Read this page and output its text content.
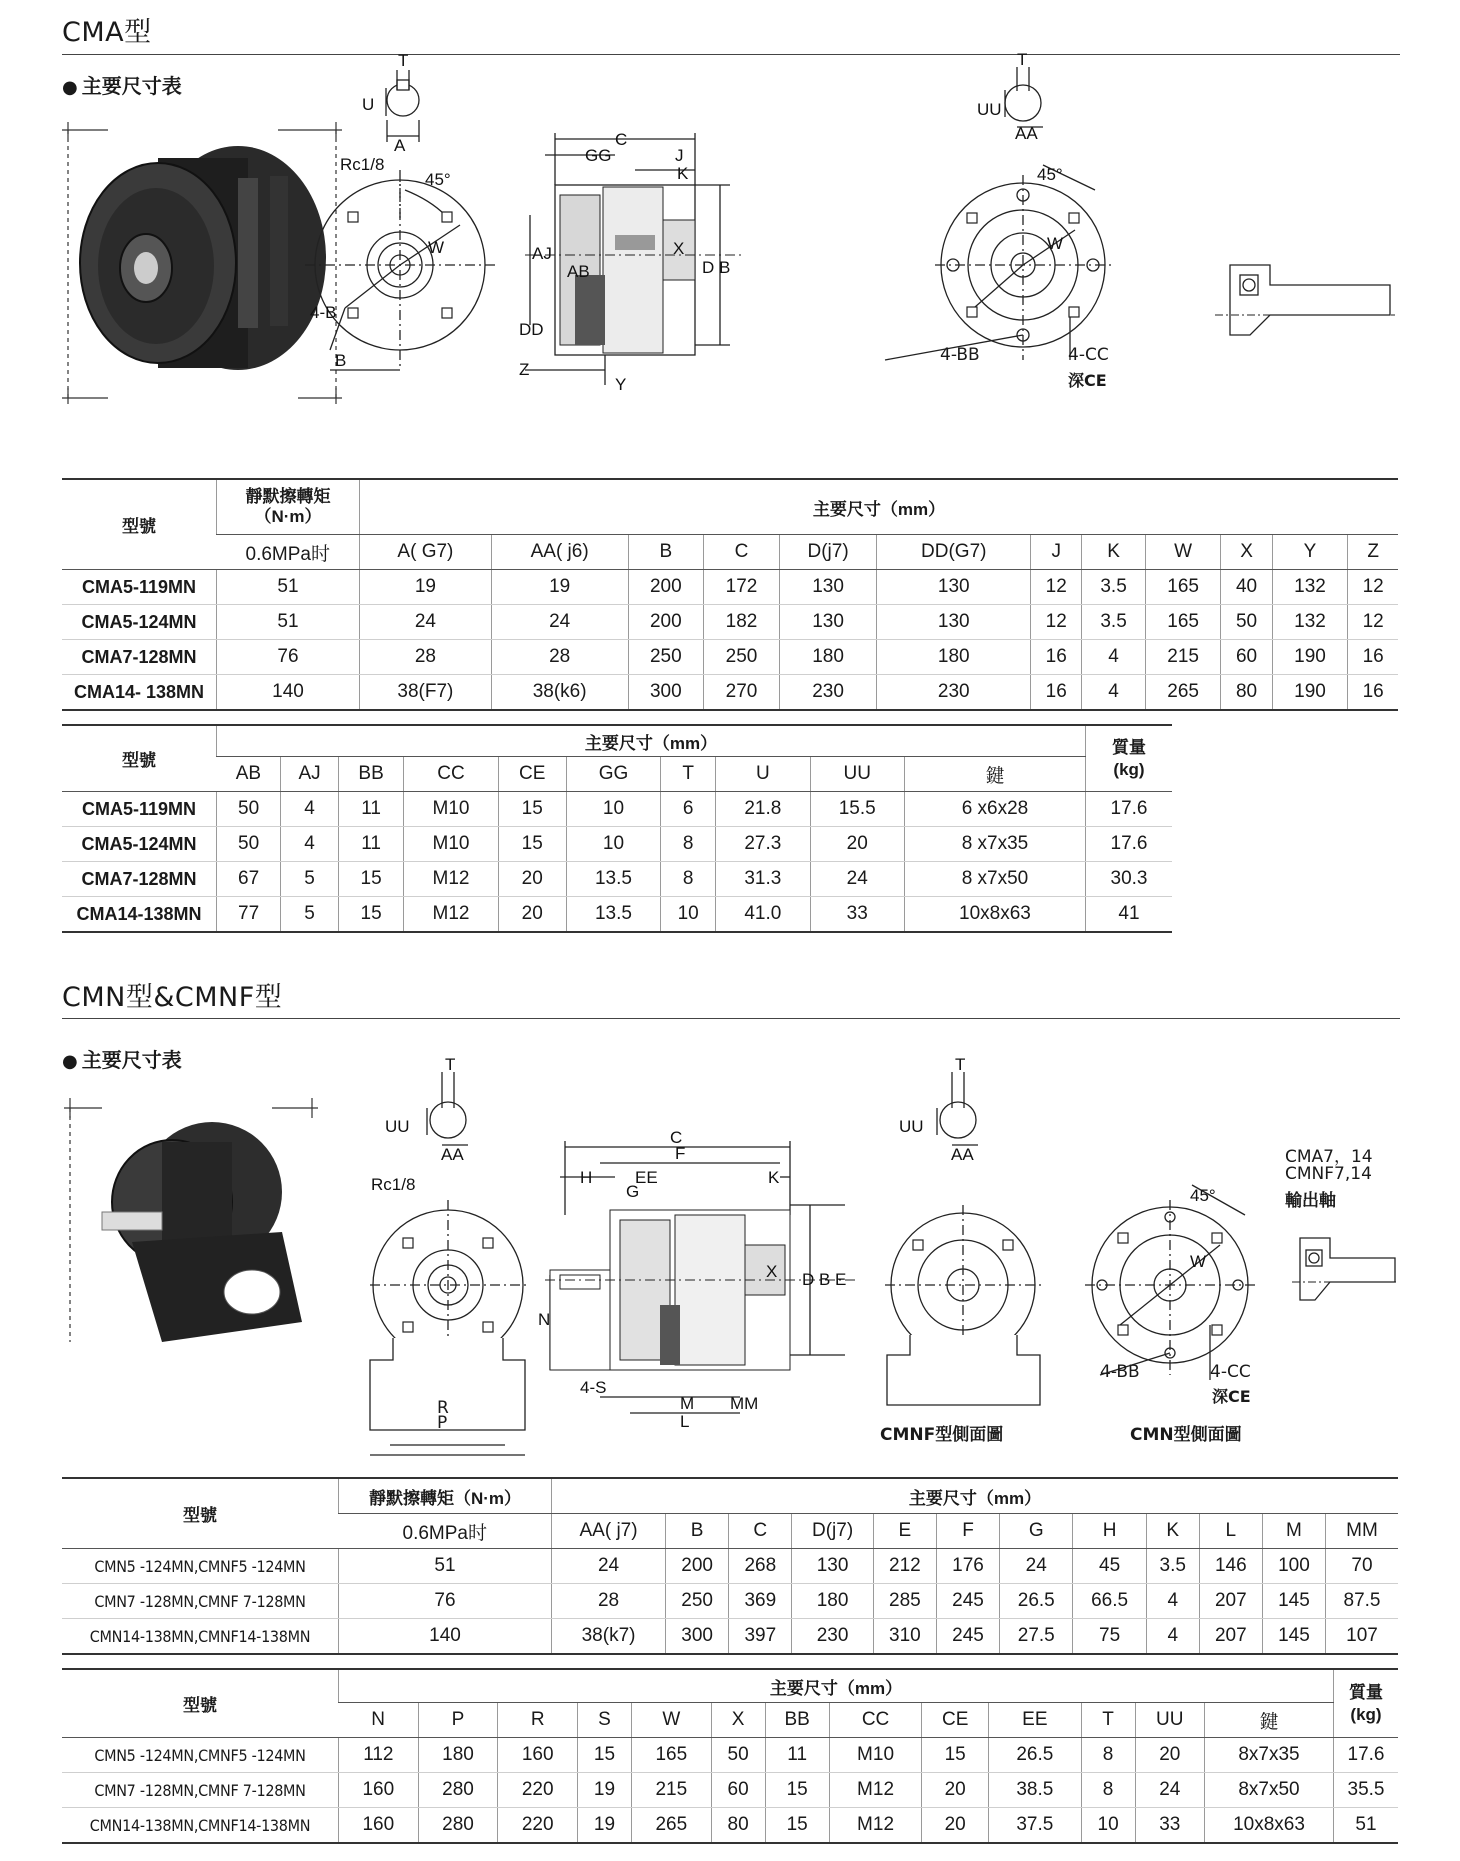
CMA型
● 主要尺寸表
T
U
A
Rc1/8
45°
W
4-B
B
C
GG	J
K
AJ
AB
X
D B
DD
Z
Y
T
UU
AA
45°
W
4-BB	4-CC
深CE
型號	靜默擦轉矩
（N·m）	主要尺寸（mm）											
	0.6MPa时	A( G7)	AA( j6)	B	C	D(j7)	DD(G7)	J	K	W	X	Y	Z
CMA5-119MN	51	19	19	200	172	130	130	12	3.5	165	40	132	12
CMA5-124MN	51	24	24	200	182	130	130	12	3.5	165	50	132	12
CMA7-128MN	76	28	28	250	250	180	180	16	4	215	60	190	16
CMA14- 138MN	140	38(F7)	38(k6)	300	270	230	230	16	4	265	80	190	16
型號	主要尺寸（mm）										質量
(kg)
	AB	AJ	BB	CC	CE	GG	T	U	UU	鍵	
CMA5-119MN	50	4	11	M10	15	10	6	21.8	15.5	6 x6x28	17.6
CMA5-124MN	50	4	11	M10	15	10	8	27.3	20	8 x7x35	17.6
CMA7-128MN	67	5	15	M12	20	13.5	8	31.3	24	8 x7x50	30.3
CMA14-138MN	77	5	15	M12	20	13.5	10	41.0	33	10x8x63	41
CMN型&CMNF型
● 主要尺寸表	T
UU
AA
Rc1/8
R
P
C
F
H	EE
G
K
X D B E
N
4-S
M MM
L
T
UU
AA
CMNF型側面圖
45°
W
4-BB	4-CC
深CE
CMN型側面圖
CMA7，14
CMNF7,14
輸出軸
型號	靜默擦轉矩（N·m）	主要尺寸（mm）											
	0.6MPa时	AA( j7)	B	C	D(j7)	E	F	G	H	K	L	M	MM
CMN5 -124MN,CMNF5 -124MN	51	24	200	268	130	212	176	24	45	3.5	146	100	70
CMN7 -128MN,CMNF 7-128MN	76	28	250	369	180	285	245	26.5	66.5	4	207	145	87.5
CMN14-138MN,CMNF14-138MN	140	38(k7)	300	397	230	310	245	27.5	75	4	207	145	107
型號	主要尺寸（mm）													質量
(kg)
	N	P	R	S	W	X	BB	CC	CE	EE	T	UU	鍵	
CMN5 -124MN,CMNF5 -124MN	112	180	160	15	165	50	11	M10	15	26.5	8	20	8x7x35	17.6
CMN7 -128MN,CMNF 7-128MN	160	280	220	19	215	60	15	M12	20	38.5	8	24	8x7x50	35.5
CMN14-138MN,CMNF14-138MN	160	280	220	19	265	80	15	M12	20	37.5	10	33	10x8x63	51
